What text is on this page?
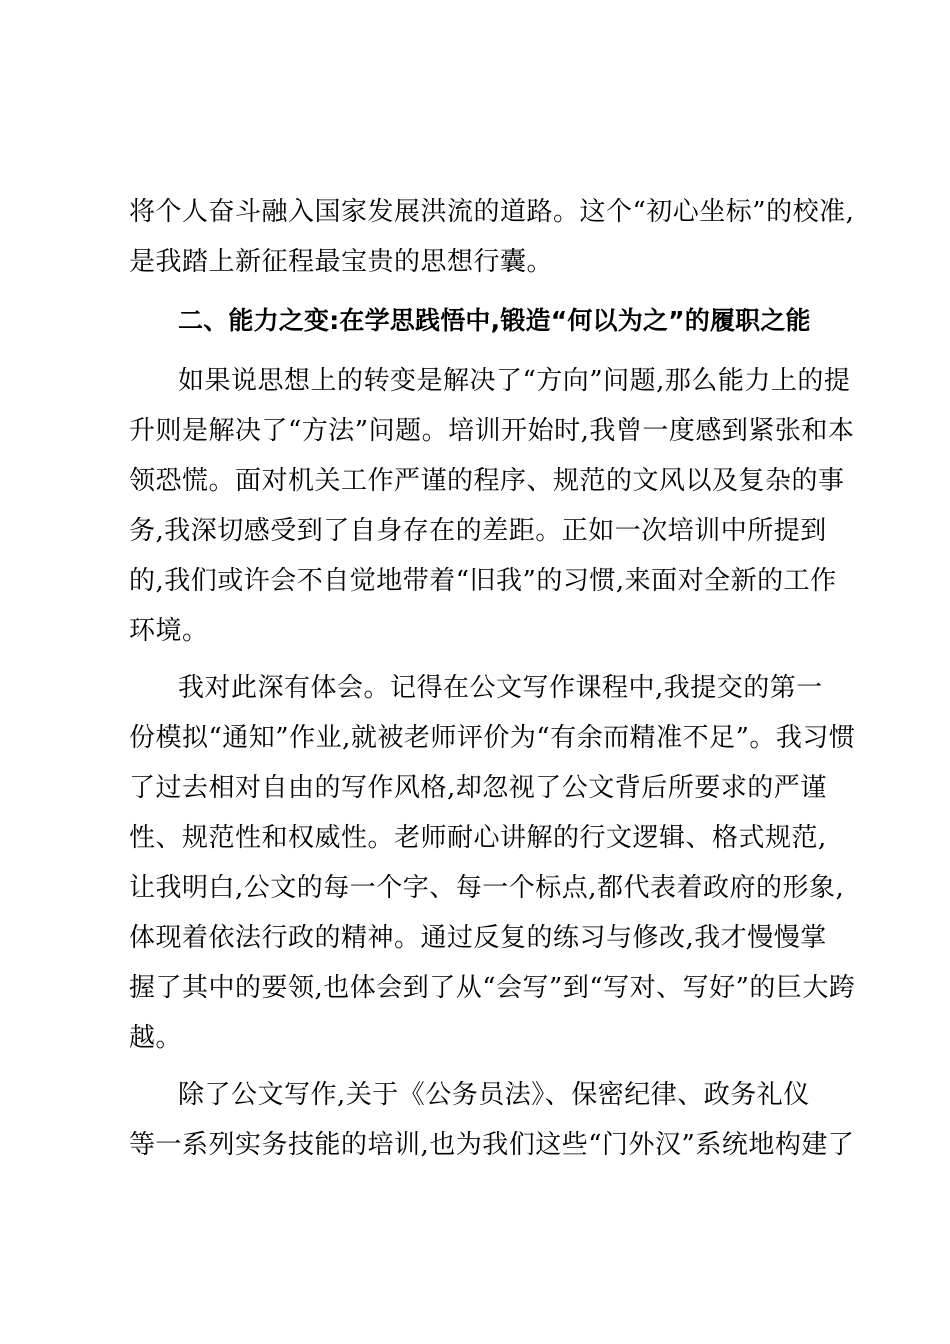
将个人奋斗融入国家发展洪流的道路。这个“初心坐标”的校准,
是我踏上新征程最宝贵的思想行囊。
二、能力之变:在学思践悟中,锻造“何以为之”的履职之能
如果说思想上的转变是解决了“方向”问题,那么能力上的提
升则是解决了“方法”问题。培训开始时,我曾一度感到紧张和本
领恐慌。面对机关工作严谨的程序、规范的文风以及复杂的事
务,我深切感受到了自身存在的差距。正如一次培训中所提到
的,我们或许会不自觉地带着“旧我”的习惯,来面对全新的工作
环境。
我对此深有体会。记得在公文写作课程中,我提交的第一
份模拟“通知”作业,就被老师评价为“有余而精准不足”。我习惯
了过去相对自由的写作风格,却忽视了公文背后所要求的严谨
性、规范性和权威性。老师耐心讲解的行文逻辑、格式规范,
让我明白,公文的每一个字、每一个标点,都代表着政府的形象,
体现着依法行政的精神。通过反复的练习与修改,我才慢慢掌
握了其中的要领,也体会到了从“会写”到“写对、写好”的巨大跨
越。
除了公文写作,关于《公务员法》、保密纪律、政务礼仪
等一系列实务技能的培训,也为我们这些“门外汉”系统地构建了
